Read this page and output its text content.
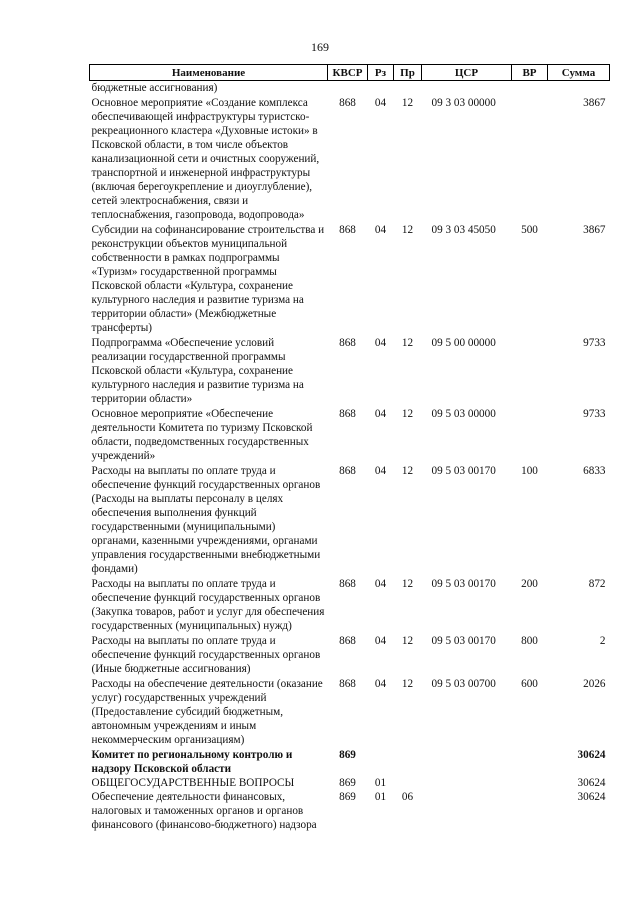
169
Наименование	КВСР	Рз	Пр	ЦСР	ВР	Сумма
бюджетные ассигнования)						
Основное мероприятие «Создание комплекса обеспечивающей инфраструктуры туристско-рекреационного кластера «Духовные истоки» в Псковской области, в том числе объектов канализационной сети и очистных сооружений, транспортной и инженерной инфраструктуры (включая берегоукрепление и диоуглубление), сетей электроснабжения, связи и теплоснабжения, газопровода, водопровода»	868	04	12	09 3 03 00000		3867
Субсидии на софинансирование строительства и реконструкции объектов муниципальной собственности в рамках подпрограммы «Туризм» государственной программы Псковской области «Культура, сохранение культурного наследия и развитие туризма на территории области» (Межбюджетные трансферты)	868	04	12	09 3 03 45050	500	3867
Подпрограмма «Обеспечение условий реализации государственной программы Псковской области «Культура, сохранение культурного наследия и развитие туризма на территории области»	868	04	12	09 5 00 00000		9733
Основное мероприятие «Обеспечение деятельности Комитета по туризму Псковской области, подведомственных государственных учреждений»	868	04	12	09 5 03 00000		9733
Расходы на выплаты по оплате труда и обеспечение функций государственных органов (Расходы на выплаты персоналу в целях обеспечения выполнения функций государственными (муниципальными) органами, казенными учреждениями, органами управления государственными внебюджетными фондами)	868	04	12	09 5 03 00170	100	6833
Расходы на выплаты по оплате труда и обеспечение функций государственных органов (Закупка товаров, работ и услуг для обеспечения государственных (муниципальных) нужд)	868	04	12	09 5 03 00170	200	872
Расходы на выплаты по оплате труда и обеспечение функций государственных органов (Иные бюджетные ассигнования)	868	04	12	09 5 03 00170	800	2
Расходы на обеспечение деятельности (оказание услуг) государственных учреждений (Предоставление субсидий бюджетным, автономным учреждениям и иным некоммерческим организациям)	868	04	12	09 5 03 00700	600	2026
Комитет по региональному контролю и надзору Псковской области	869					30624
ОБЩЕГОСУДАРСТВЕННЫЕ ВОПРОСЫ	869	01				30624
Обеспечение деятельности финансовых, налоговых и таможенных органов и органов финансового (финансово-бюджетного) надзора	869	01	06			30624
